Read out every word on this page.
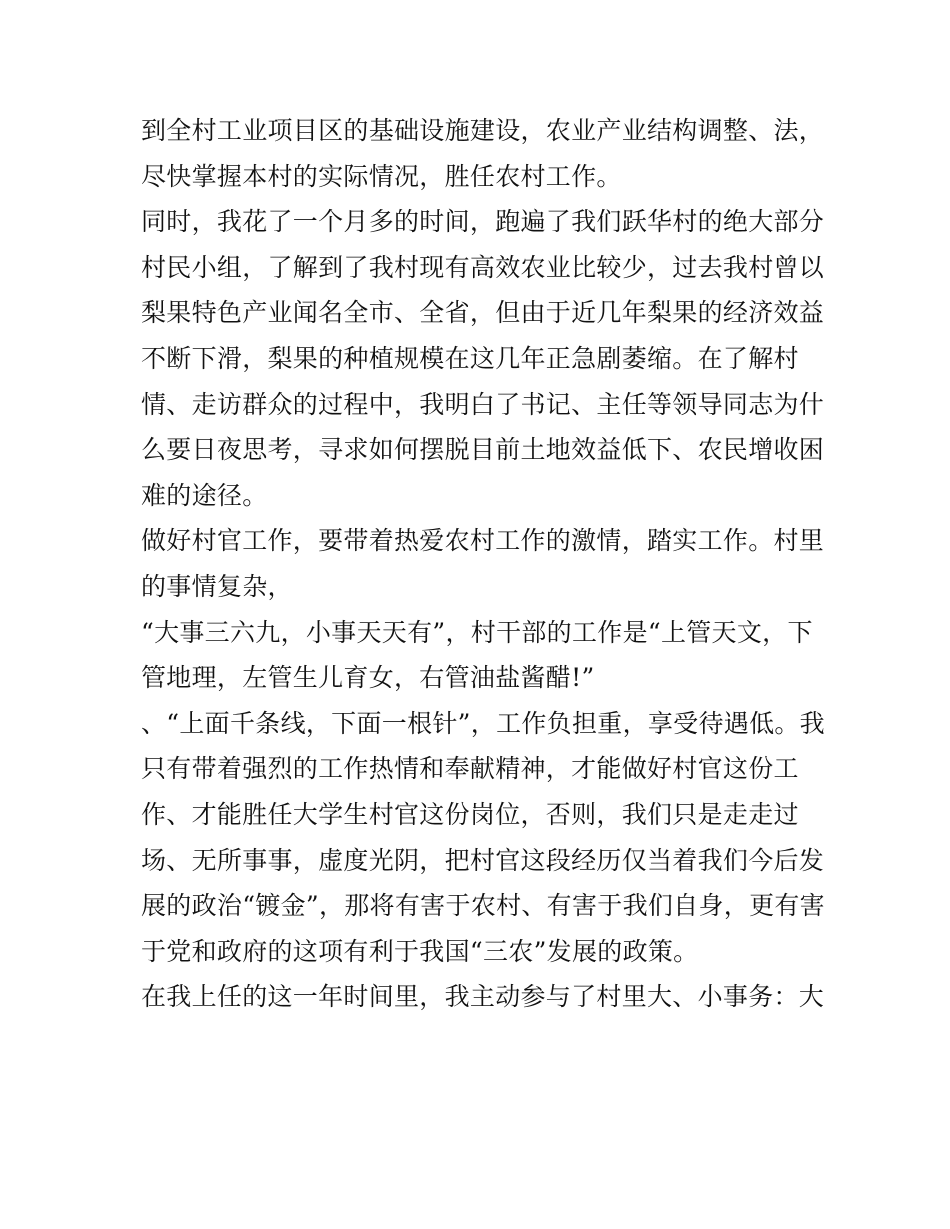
到全村工业项目区的基础设施建设，农业产业结构调整、法，
尽快掌握本村的实际情况，胜任农村工作。
同时，我花了一个月多的时间，跑遍了我们跃华村的绝大部分
村民小组，了解到了我村现有高效农业比较少，过去我村曾以
梨果特色产业闻名全市、全省，但由于近几年梨果的经济效益
不断下滑，梨果的种植规模在这几年正急剧萎缩。在了解村
情、走访群众的过程中，我明白了书记、主任等领导同志为什
么要日夜思考，寻求如何摆脱目前土地效益低下、农民增收困
难的途径。
做好村官工作，要带着热爱农村工作的激情，踏实工作。村里
的事情复杂，
“大事三六九，小事天天有”，村干部的工作是“上管天文，下
管地理，左管生儿育女，右管油盐酱醋!”
、“上面千条线，下面一根针”，工作负担重，享受待遇低。我
只有带着强烈的工作热情和奉献精神，才能做好村官这份工
作、才能胜任大学生村官这份岗位，否则，我们只是走走过
场、无所事事，虚度光阴，把村官这段经历仅当着我们今后发
展的政治“镀金”，那将有害于农村、有害于我们自身，更有害
于党和政府的这项有利于我国“三农”发展的政策。
在我上任的这一年时间里，我主动参与了村里大、小事务：大
